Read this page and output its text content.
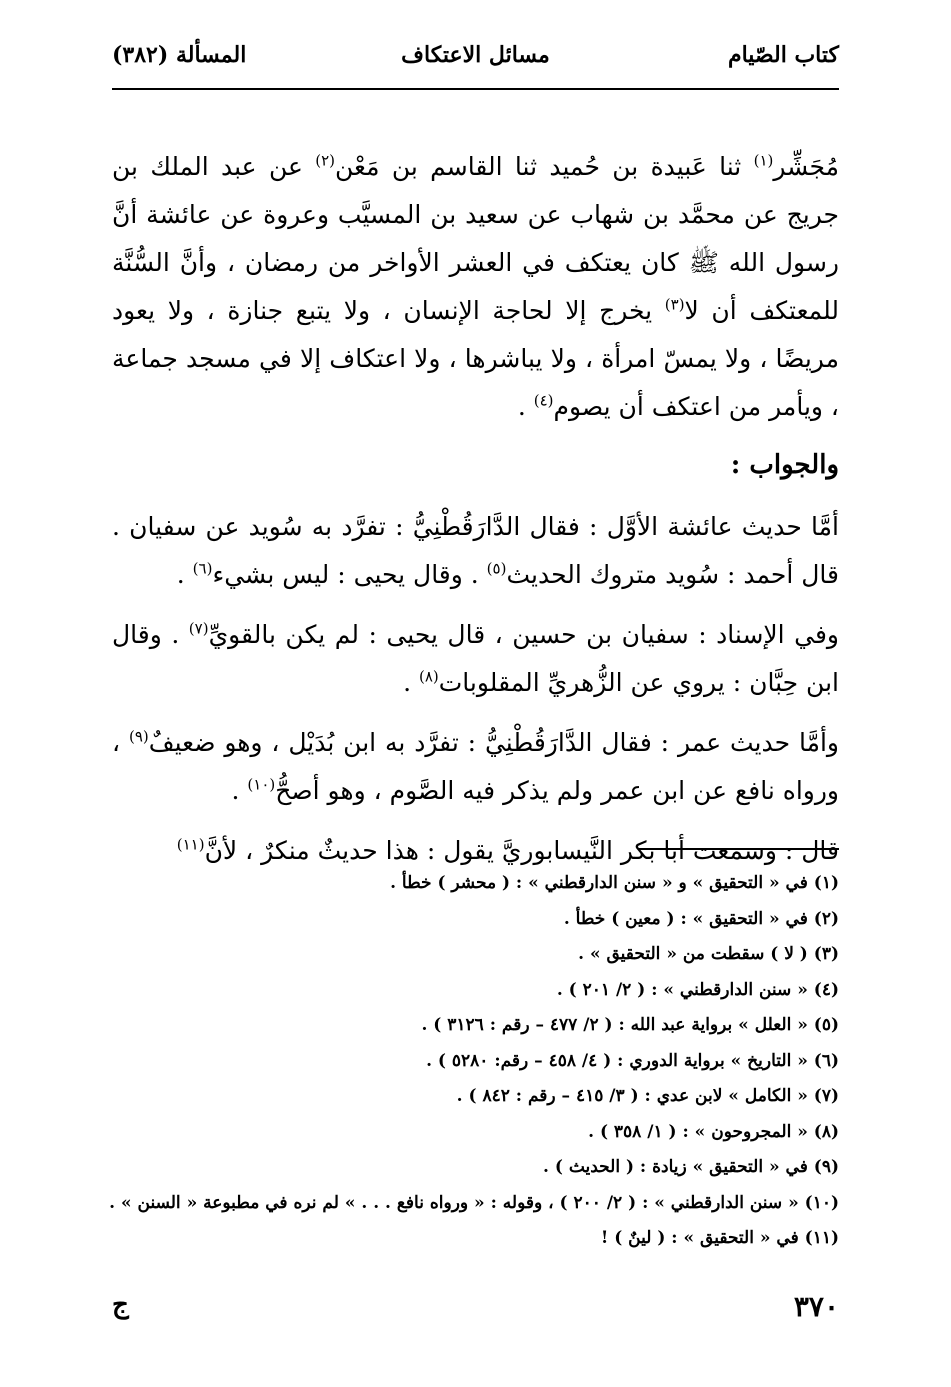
كتاب الصّيام
مسائل الاعتكاف
المسألة (٣٨٢)

مُجَشِّر$^{(١)}$ ثنا عَبيدة بن حُميد ثنا القاسم بن مَعْن$^{(٢)}$ عن عبد الملك بن جريج عن محمَّد بن شهاب عن سعيد بن المسيَّب وعروة عن عائشة أنَّ رسول الله ﷺ كان يعتكف في العشر الأواخر من رمضان ، وأنَّ السُّنَّة للمعتكف أن لا$^{(٣)}$ يخرج إلا لحاجة الإنسان ، ولا يتبع جنازة ، ولا يعود مريضًا ، ولا يمسّ امرأة ، ولا يباشرها ، ولا اعتكاف إلا في مسجد جماعة ، ويأمر من اعتكف أن يصوم$^{(٤)}$ .

والجواب :

أمَّا حديث عائشة الأوَّل : فقال الدَّارَقُطْنِيُّ : تفرَّد به سُويد عن سفيان . قال أحمد : سُويد متروك الحديث$^{(٥)}$ . وقال يحيى : ليس بشيء$^{(٦)}$ .

وفي الإسناد : سفيان بن حسين ، قال يحيى : لم يكن بالقويِّ$^{(٧)}$ . وقال ابن حِبَّان : يروي عن الزُّهريِّ المقلوبات$^{(٨)}$ .

وأمَّا حديث عمر : فقال الدَّارَقُطْنِيُّ : تفرَّد به ابن بُدَيْل ، وهو ضعيفٌ$^{(٩)}$ ، ورواه نافع عن ابن عمر ولم يذكر فيه الصَّوم ، وهو أصحُّ$^{(١٠)}$ .

قال : وسمعت أبا بكر النَّيسابوريَّ يقول : هذا حديثٌ منكرٌ ، لأنَّ$^{(١١)}$

(١) في « التحقيق » و « سنن الدارقطني » : ( محشر ) خطأ .
(٢) في « التحقيق » : ( معين ) خطأ .
(٣) ( لا ) سقطت من « التحقيق » .
(٤) « سنن الدارقطني » : ( ٢/ ٢٠١ ) .
(٥) « العلل » برواية عبد الله : ( ٢/ ٤٧٧ – رقم : ٣١٢٦ ) .
(٦) « التاريخ » برواية الدوري : ( ٤/ ٤٥٨ – رقم: ٥٢٨٠ ) .
(٧) « الكامل » لابن عدي : ( ٣/ ٤١٥ – رقم : ٨٤٢ ) .
(٨) « المجروحون » : ( ١/ ٣٥٨ ) .
(٩) في « التحقيق » زيادة : ( الحديث ) .
(١٠) « سنن الدارقطني » : ( ٢/ ٢٠٠ ) ، وقوله : « ورواه نافع . . . » لم نره في مطبوعة « السنن » .
(١١) في « التحقيق » : ( لينٌ ) !
٣٧٠
ج
